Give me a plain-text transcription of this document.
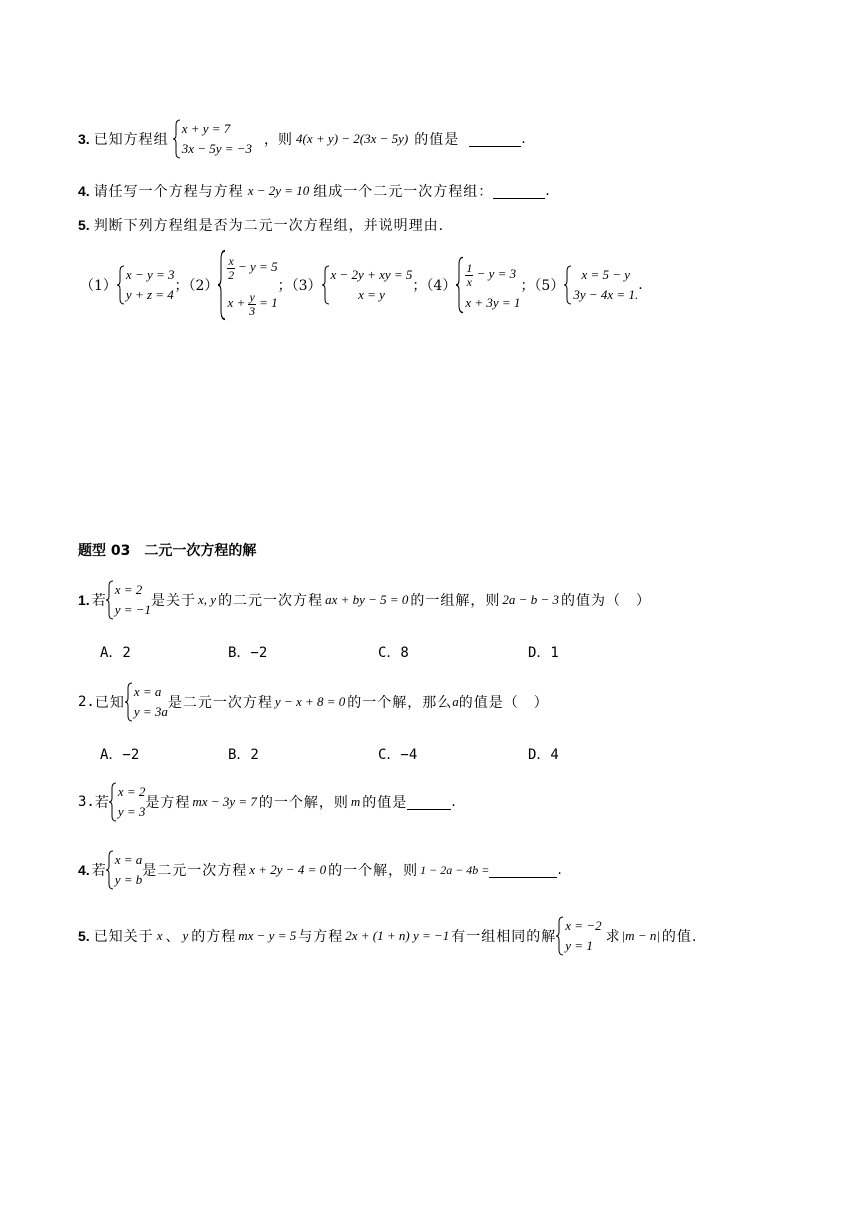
3. 已知方程组
x + y = 7
3x − 5y = −3
，则 4(x + y) − 2(3x − 5y) 的值是	.
4. 请任写一个方程与方程 x − 2y = 10 组成一个二元一次方程组：	.
5. 判断下列方程组是否为二元一次方程组，并说明理由.
（1）
x − y = 3
y + z = 4
；（2）
$\frac{x}{2} - y = 5$
$x + \frac{y}{3} = 1$
；（3）
x − 2y + xy = 5
x = y
；$(4) \frac{1}{x} - y = 3$
x + 3y = 1
；（5）
x = 5 − y
3y − 4x = 1.
.
题型 03　二元一次方程的解
1. 若
x = 2
y = −1
是关于 x, y 的二元一次方程 ax + by − 5 = 0 的一组解，则 2a − b − 3 的值为（　）
A．2	B．−2	C．8	D．1
2. 已知
x = a
y = 3a
是二元一次方程 y − x + 8 = 0 的一个解，那么 a 的值是（　）
A．−2	B．2	C．−4	D．4
3. 若
x = 2
y = 3
是方程 mx − 3y = 7 的一个解，则 m 的值是	.
4. 若
x = a
y = b
是二元一次方程 x + 2y − 4 = 0 的一个解，则 1 − 2a − 4b =	.
5. 已知关于 x 、 y 的方程 mx − y = 5 与方程 2x + (1 + n) y = −1 有一组相同的解
x = −2
y = 1
求 |m − n| 的值.
